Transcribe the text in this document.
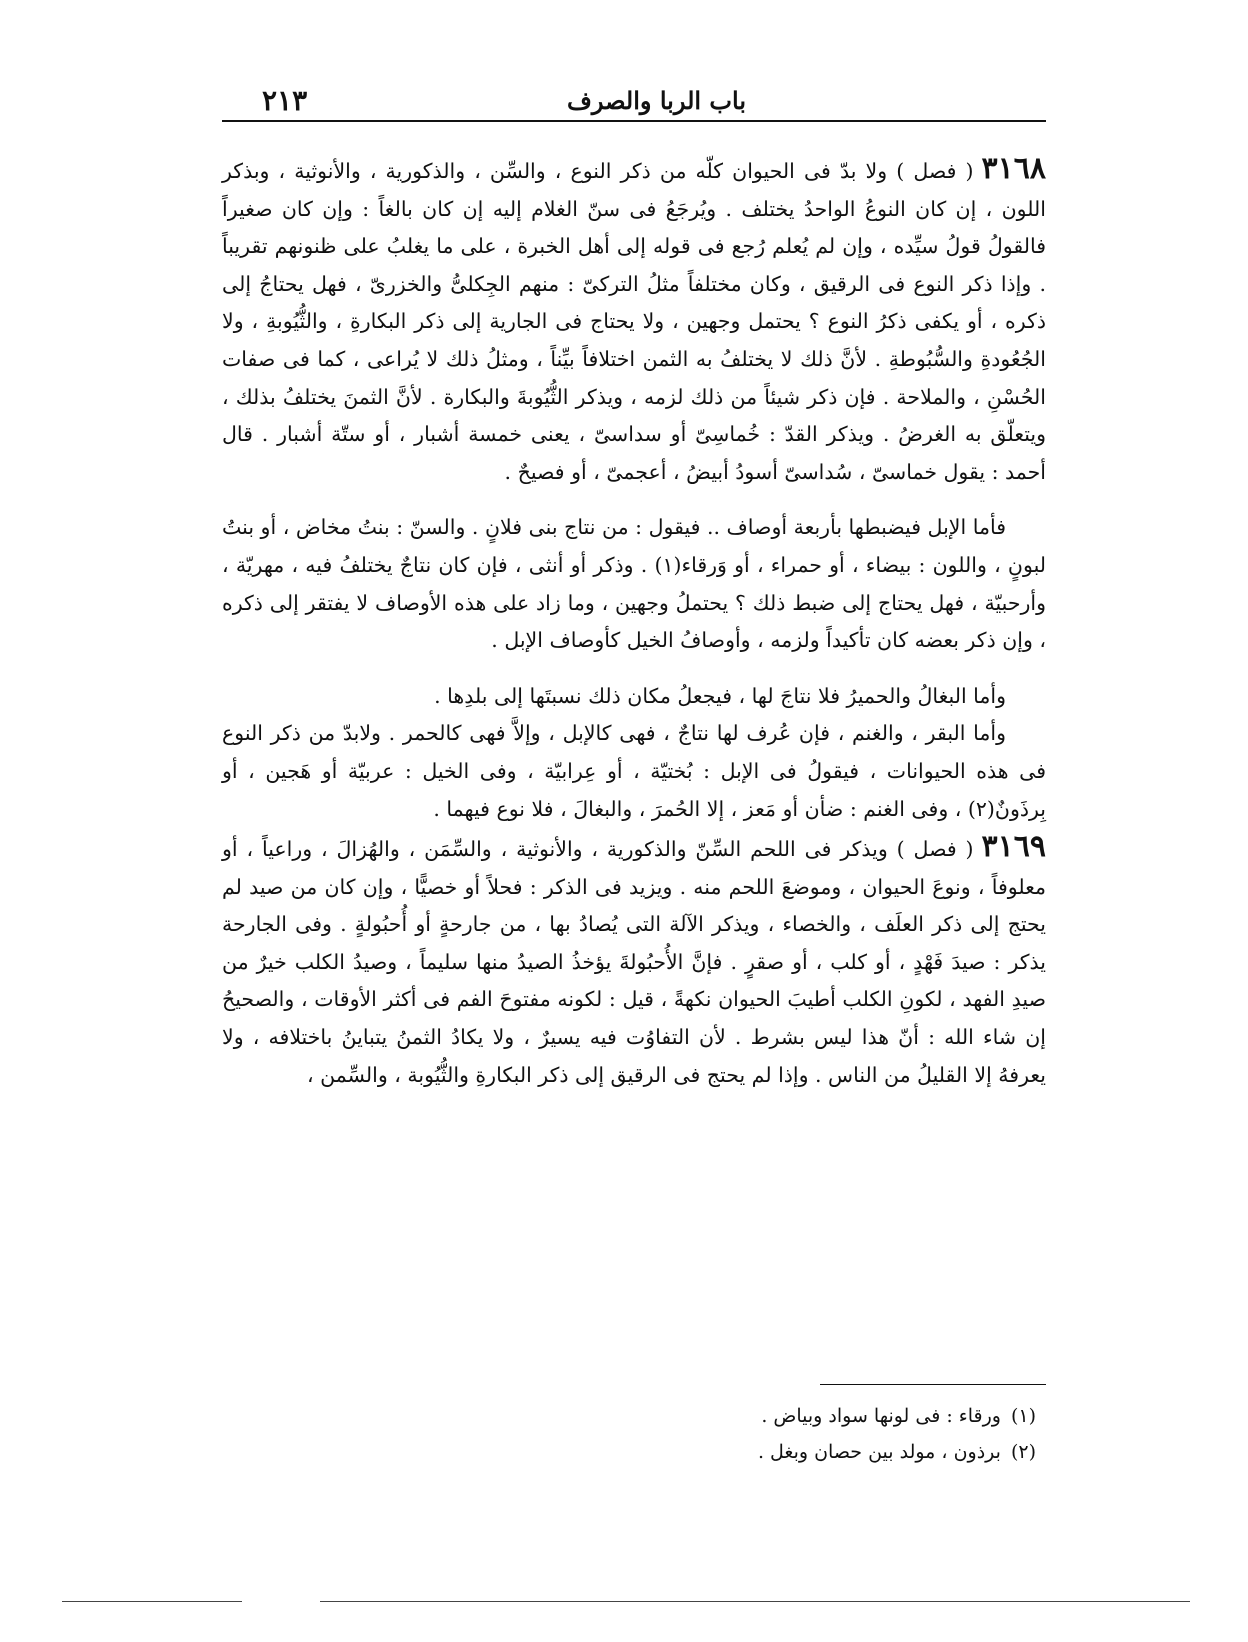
باب الربا والصرف
٢١٣

٣١٦٨( فصل ) ولا بدّ فى الحيوان كلّه من ذكر النوع ، والسِّن ، والذكورية ، والأنوثية ، وبذكر اللون ، إن كان النوعُ الواحدُ يختلف . ويُرجَعُ فى سنّ الغلام إليه إن كان بالغاً : وإن كان صغيراً فالقولُ قولُ سيِّده ، وإن لم يُعلم رُجع فى قوله إلى أهل الخبرة ، على ما يغلبُ على ظنونهم تقريباً . وإذا ذكر النوع فى الرقيق ، وكان مختلفاً مثلُ التركىّ : منهم الجِكلىُّ والخزرىّ ، فهل يحتاجُ إلى ذكره ، أو يكفى ذكرُ النوع ؟ يحتمل وجهين ، ولا يحتاج فى الجارية إلى ذكر البكارةِ ، والثُّيُوبةِ ، ولا الجُعُودةِ والسُّبُوطةِ . لأنَّ ذلك لا يختلفُ به الثمن اختلافاً بيِّناً ، ومثلُ ذلك لا يُراعى ، كما فى صفات الحُسْنِ ، والملاحة . فإن ذكر شيئاً من ذلك لزمه ، ويذكر الثُّيُوبةَ والبكارة . لأنَّ الثمنَ يختلفُ بذلك ، ويتعلّق به الغرضُ . ويذكر القدّ : خُماسِىّ أو سداسىّ ، يعنى خمسة أشبار ، أو ستّة أشبار . قال أحمد : يقول خماسىّ ، سُداسىّ أسودُ أبيضُ ، أعجمىّ ، أو فصيحٌ .

فأما الإبل فيضبطها بأربعة أوصاف .. فيقول : من نتاج بنى فلانٍ . والسنّ : بنتُ مخاض ، أو بنتُ لبونٍ ، واللون : بيضاء ، أو حمراء ، أو وَرقاء(١) . وذكر أو أنثى ، فإن كان نتاجٌ يختلفُ فيه ، مهريّة ، وأرحبيّة ، فهل يحتاج إلى ضبط ذلك ؟ يحتملُ وجهين ، وما زاد على هذه الأوصاف لا يفتقر إلى ذكره ، وإن ذكر بعضه كان تأكيداً ولزمه ، وأوصافُ الخيل كأوصاف الإبل .

وأما البغالُ والحميرُ فلا نتاجَ لها ، فيجعلُ مكان ذلك نسبتَها إلى بلدِها .

وأما البقر ، والغنم ، فإن عُرف لها نتاجٌ ، فهى كالإبل ، وإلاَّ فهى كالحمر . ولابدّ من ذكر النوع فى هذه الحيوانات ، فيقولُ فى الإبل : بُختيّة ، أو عِرابيّة ، وفى الخيل : عربيّة أو هَجين ، أو بِرذَونٌ(٢) ، وفى الغنم : ضأن أو مَعز ، إلا الحُمرَ ، والبغالَ ، فلا نوع فيهما .

٣١٦٩( فصل ) ويذكر فى اللحم السِّنّ والذكورية ، والأنوثية ، والسِّمَن ، والهُزالَ ، وراعياً ، أو معلوفاً ، ونوعَ الحيوان ، وموضعَ اللحم منه . ويزيد فى الذكر : فحلاً أو خصيًّا ، وإن كان من صيد لم يحتج إلى ذكر العلَف ، والخصاء ، ويذكر الآلة التى يُصادُ بها ، من جارحةٍ أو أُحبُولةٍ . وفى الجارحة يذكر : صيدَ فَهْدٍ ، أو كلب ، أو صقرٍ . فإنَّ الأُحبُولةَ يؤخذُ الصيدُ منها سليماً ، وصيدُ الكلب خيرٌ من صيدِ الفهد ، لكونِ الكلب أطيبَ الحيوان نكهةً ، قيل : لكونه مفتوحَ الفم فى أكثر الأوقات ، والصحيحُ إن شاء الله : أنّ هذا ليس بشرط . لأن التفاوُت فيه يسيرٌ ، ولا يكادُ الثمنُ يتباينُ باختلافه ، ولا يعرفهُ إلا القليلُ من الناس . وإذا لم يحتج فى الرقيق إلى ذكر البكارةِ والثُّيُوبة ، والسِّمن ،

(١)ورقاء : فى لونها سواد وبياض .

(٢)برذون ، مولد بين حصان وبغل .
